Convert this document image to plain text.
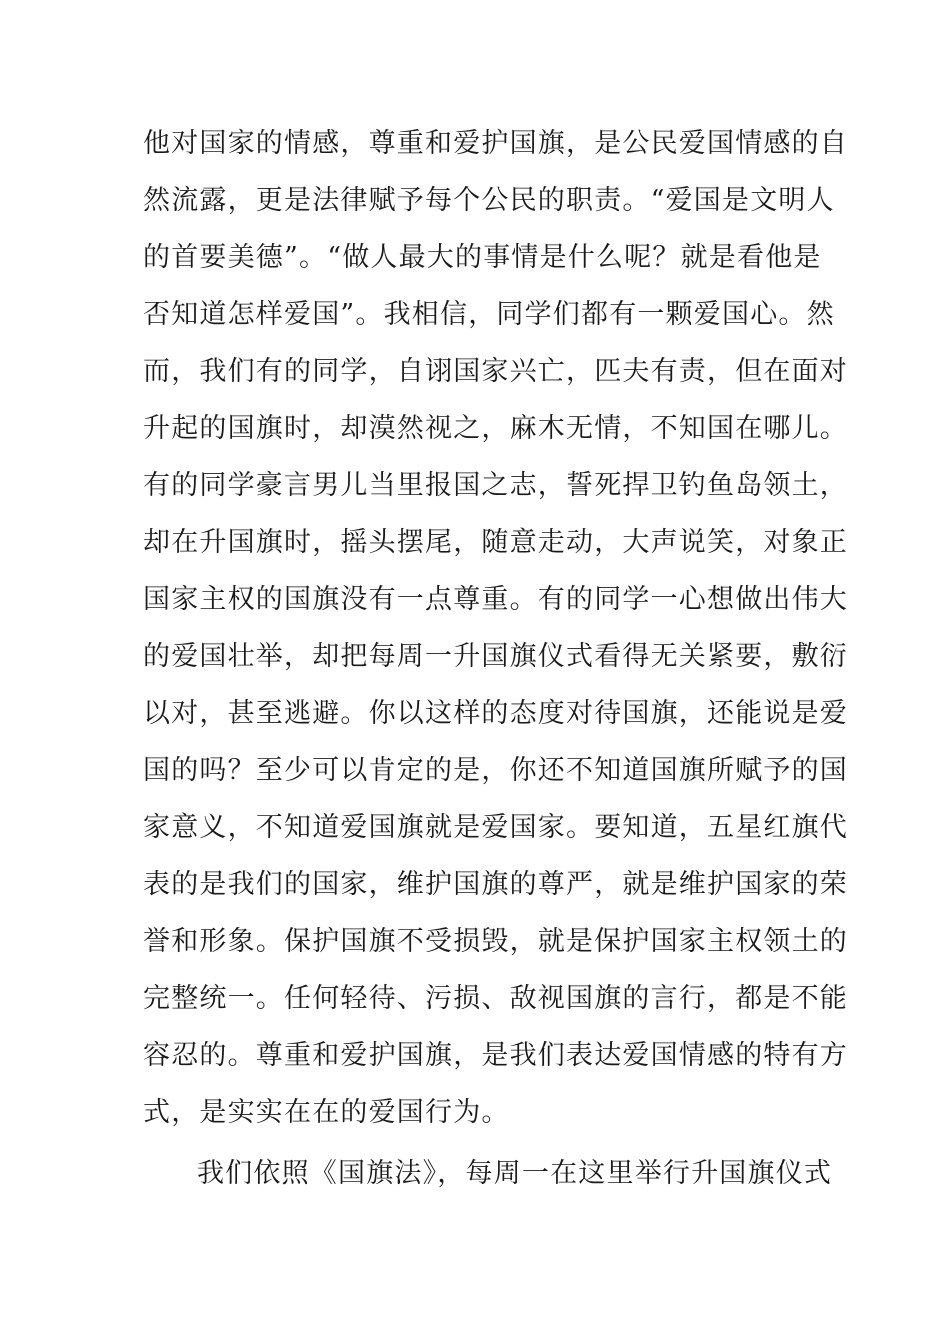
他对国家的情感，尊重和爱护国旗，是公民爱国情感的自
然流露，更是法律赋予每个公民的职责。“爱国是文明人
的首要美德”。“做人最大的事情是什么呢？就是看他是
否知道怎样爱国”。我相信，同学们都有一颗爱国心。然
而，我们有的同学，自诩国家兴亡，匹夫有责，但在面对
升起的国旗时，却漠然视之，麻木无情，不知国在哪儿。
有的同学豪言男儿当里报国之志，誓死捍卫钓鱼岛领土，
却在升国旗时，摇头摆尾，随意走动，大声说笑，对象正
国家主权的国旗没有一点尊重。有的同学一心想做出伟大
的爱国壮举，却把每周一升国旗仪式看得无关紧要，敷衍
以对，甚至逃避。你以这样的态度对待国旗，还能说是爱
国的吗？至少可以肯定的是，你还不知道国旗所赋予的国
家意义，不知道爱国旗就是爱国家。要知道，五星红旗代
表的是我们的国家，维护国旗的尊严，就是维护国家的荣
誉和形象。保护国旗不受损毁，就是保护国家主权领土的
完整统一。任何轻待、污损、敌视国旗的言行，都是不能
容忍的。尊重和爱护国旗，是我们表达爱国情感的特有方
式，是实实在在的爱国行为。
我们依照《国旗法》，每周一在这里举行升国旗仪式
